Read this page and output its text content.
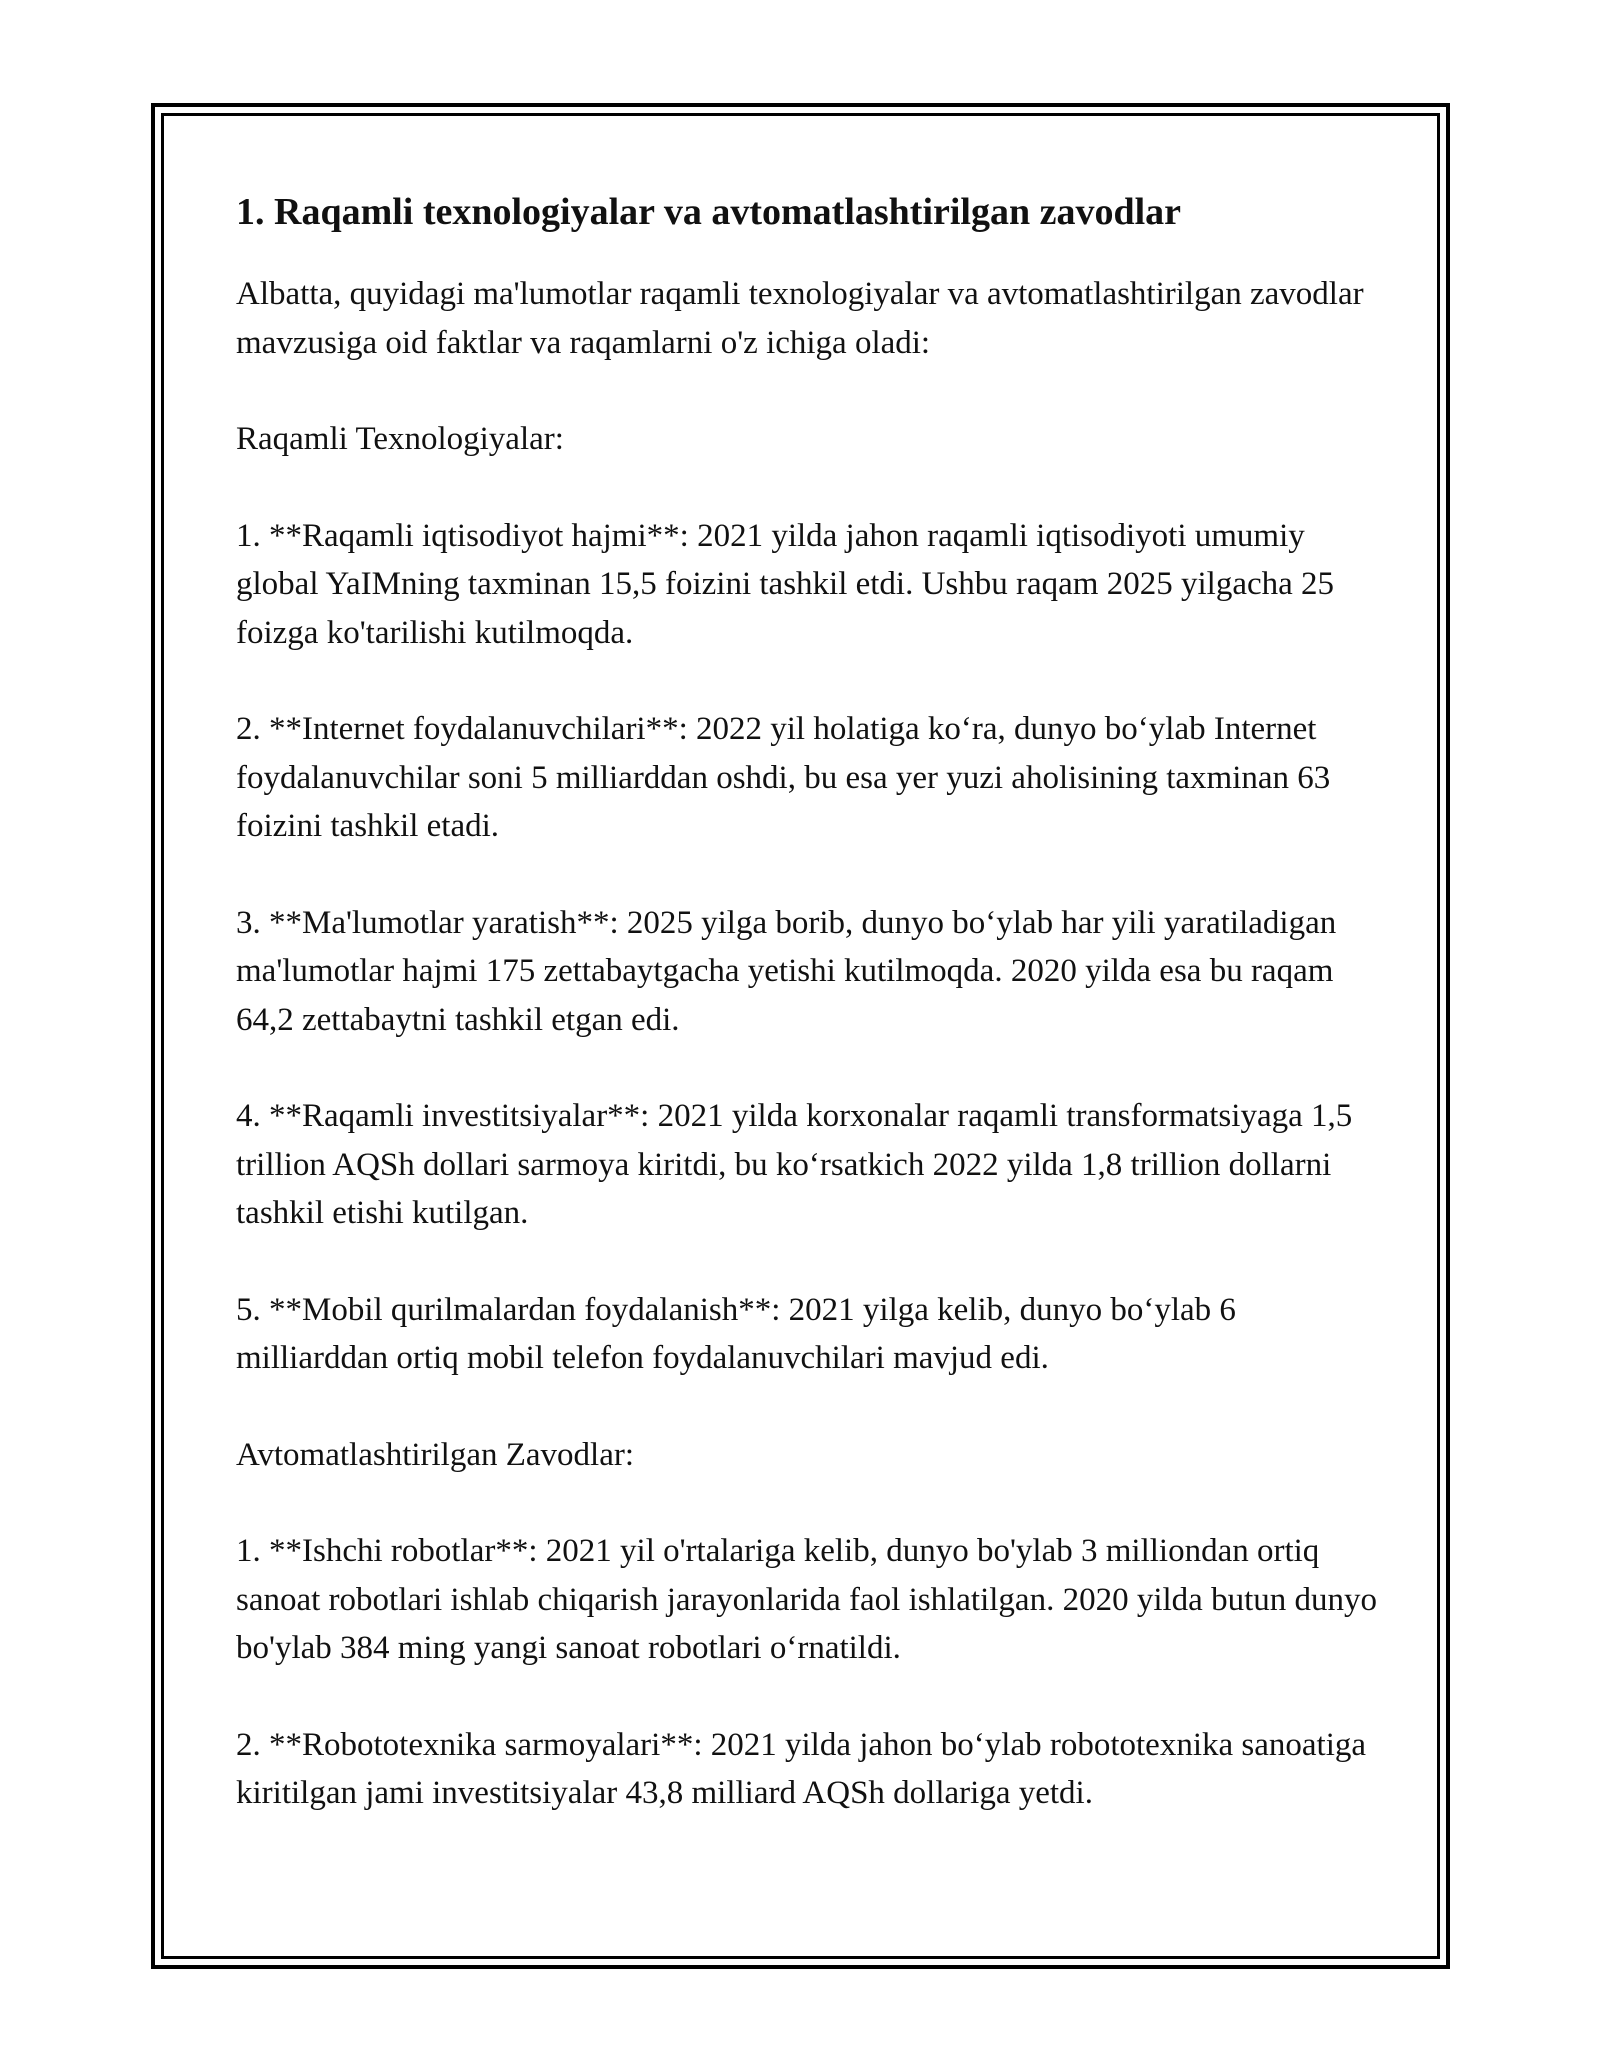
1. Raqamli texnologiyalar va avtomatlashtirilgan zavodlar

Albatta, quyidagi ma'lumotlar raqamli texnologiyalar va avtomatlashtirilgan zavodlar mavzusiga oid faktlar va raqamlarni o'z ichiga oladi:

Raqamli Texnologiyalar:

1. **Raqamli iqtisodiyot hajmi**: 2021 yilda jahon raqamli iqtisodiyoti umumiy global YaIMning taxminan 15,5 foizini tashkil etdi. Ushbu raqam 2025 yilgacha 25 foizga ko'tarilishi kutilmoqda.

2. **Internet foydalanuvchilari**: 2022 yil holatiga ko‘ra, dunyo bo‘ylab Internet foydalanuvchilar soni 5 milliarddan oshdi, bu esa yer yuzi aholisining taxminan 63 foizini tashkil etadi.

3. **Ma'lumotlar yaratish**: 2025 yilga borib, dunyo bo‘ylab har yili yaratiladigan ma'lumotlar hajmi 175 zettabaytgacha yetishi kutilmoqda. 2020 yilda esa bu raqam 64,2 zettabaytni tashkil etgan edi.

4. **Raqamli investitsiyalar**: 2021 yilda korxonalar raqamli transformatsiyaga 1,5 trillion AQSh dollari sarmoya kiritdi, bu ko‘rsatkich 2022 yilda 1,8 trillion dollarni tashkil etishi kutilgan.

5. **Mobil qurilmalardan foydalanish**: 2021 yilga kelib, dunyo bo‘ylab 6 milliarddan ortiq mobil telefon foydalanuvchilari mavjud edi.

Avtomatlashtirilgan Zavodlar:

1. **Ishchi robotlar**: 2021 yil o'rtalariga kelib, dunyo bo'ylab 3 milliondan ortiq sanoat robotlari ishlab chiqarish jarayonlarida faol ishlatilgan. 2020 yilda butun dunyo bo'ylab 384 ming yangi sanoat robotlari o‘rnatildi.

2. **Robototexnika sarmoyalari**: 2021 yilda jahon bo‘ylab robototexnika sanoatiga kiritilgan jami investitsiyalar 43,8 milliard AQSh dollariga yetdi.
